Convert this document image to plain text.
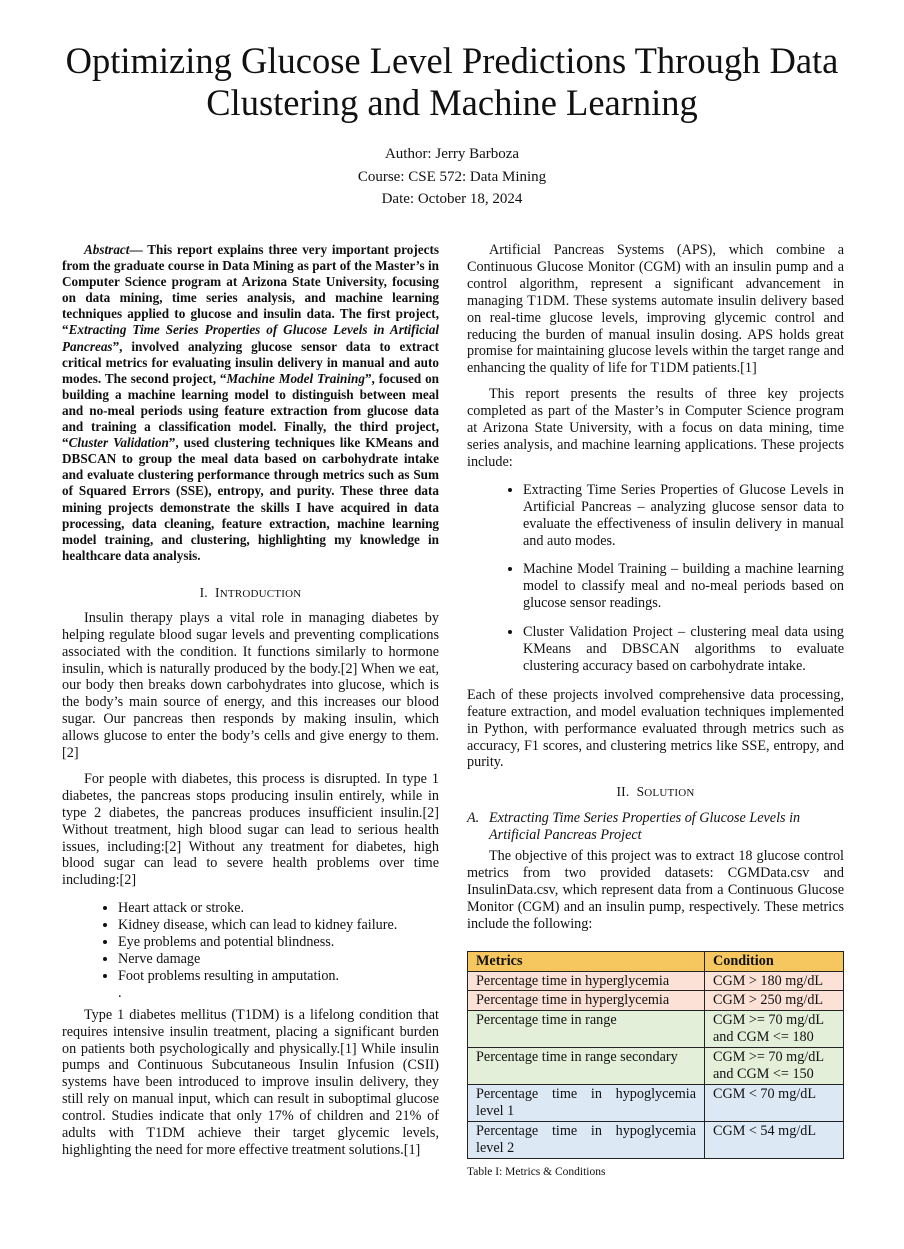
Optimizing Glucose Level Predictions Through Data Clustering and Machine Learning
Author: Jerry Barboza
Course: CSE 572: Data Mining
Date: October 18, 2024

Abstract— This report explains three very important projects from the graduate course in Data Mining as part of the Master’s in Computer Science program at Arizona State University, focusing on data mining, time series analysis, and machine learning techniques applied to glucose and insulin data. The first project, “Extracting Time Series Properties of Glucose Levels in Artificial Pancreas”, involved analyzing glucose sensor data to extract critical metrics for evaluating insulin delivery in manual and auto modes. The second project, “Machine Model Training”, focused on building a machine learning model to distinguish between meal and no-meal periods using feature extraction from glucose data and training a classification model. Finally, the third project, “Cluster Validation”, used clustering techniques like KMeans and DBSCAN to group the meal data based on carbohydrate intake and evaluate clustering performance through metrics such as Sum of Squared Errors (SSE), entropy, and purity. These three data mining projects demonstrate the skills I have acquired in data processing, data cleaning, feature extraction, machine learning model training, and clustering, highlighting my knowledge in healthcare data analysis.

I. INTRODUCTION

Insulin therapy plays a vital role in managing diabetes by helping regulate blood sugar levels and preventing complications associated with the condition. It functions similarly to hormone insulin, which is naturally produced by the body.[2] When we eat, our body then breaks down carbohydrates into glucose, which is the body’s main source of energy, and this increases our blood sugar. Our pancreas then responds by making insulin, which allows glucose to enter the body’s cells and give energy to them.[2]

For people with diabetes, this process is disrupted. In type 1 diabetes, the pancreas stops producing insulin entirely, while in type 2 diabetes, the pancreas produces insufficient insulin.[2] Without treatment, high blood sugar can lead to serious health issues, including:[2] Without any treatment for diabetes, high blood sugar can lead to severe health problems over time including:[2]

• Heart attack or stroke.
• Kidney disease, which can lead to kidney failure.
• Eye problems and potential blindness.
• Nerve damage
• Foot problems resulting in amputation.
.

Type 1 diabetes mellitus (T1DM) is a lifelong condition that requires intensive insulin treatment, placing a significant burden on patients both psychologically and physically.[1] While insulin pumps and Continuous Subcutaneous Insulin Infusion (CSII) systems have been introduced to improve insulin delivery, they still rely on manual input, which can result in suboptimal glucose control. Studies indicate that only 17% of children and 21% of adults with T1DM achieve their target glycemic levels, highlighting the need for more effective treatment solutions.[1]

Artificial Pancreas Systems (APS), which combine a Continuous Glucose Monitor (CGM) with an insulin pump and a control algorithm, represent a significant advancement in managing T1DM. These systems automate insulin delivery based on real-time glucose levels, improving glycemic control and reducing the burden of manual insulin dosing. APS holds great promise for maintaining glucose levels within the target range and enhancing the quality of life for T1DM patients.[1]

This report presents the results of three key projects completed as part of the Master’s in Computer Science program at Arizona State University, with a focus on data mining, time series analysis, and machine learning applications. These projects include:

• Extracting Time Series Properties of Glucose Levels in Artificial Pancreas – analyzing glucose sensor data to evaluate the effectiveness of insulin delivery in manual and auto modes.
• Machine Model Training – building a machine learning model to classify meal and no-meal periods based on glucose sensor readings.
• Cluster Validation Project – clustering meal data using KMeans and DBSCAN algorithms to evaluate clustering accuracy based on carbohydrate intake.

Each of these projects involved comprehensive data processing, feature extraction, and model evaluation techniques implemented in Python, with performance evaluated through metrics such as accuracy, F1 scores, and clustering metrics like SSE, entropy, and purity.

II. SOLUTION
A. Extracting Time Series Properties of Glucose Levels in Artificial Pancreas Project

The objective of this project was to extract 18 glucose control metrics from two provided datasets: CGMData.csv and InsulinData.csv, which represent data from a Continuous Glucose Monitor (CGM) and an insulin pump, respectively. These metrics include the following:

Metrics	Condition
Percentage time in hyperglycemia	CGM > 180 mg/dL
Percentage time in hyperglycemia	CGM > 250 mg/dL
Percentage time in range	CGM >= 70 mg/dL and CGM <= 180
Percentage time in range secondary	CGM >= 70 mg/dL and CGM <= 150
Percentage time in hypoglycemia level 1	CGM < 70 mg/dL
Percentage time in hypoglycemia level 2	CGM < 54 mg/dL
Table I: Metrics & Conditions
